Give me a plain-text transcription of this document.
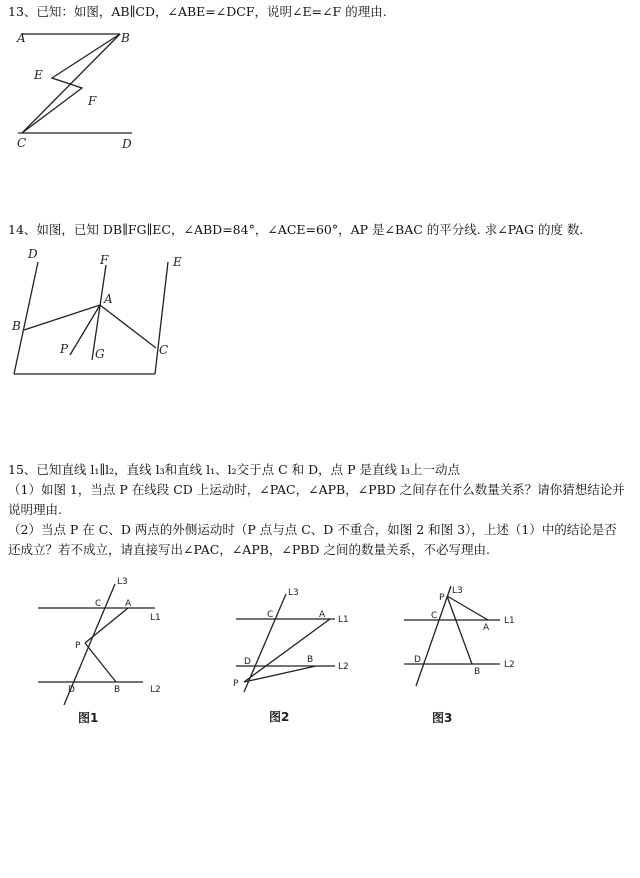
13、已知：如图，AB∥CD，∠ABE=∠DCF，说明∠E=∠F 的理由.
A	B
E
F
C	D
14、如图，已知 DB∥FG∥EC，∠ABD=84°，∠ACE=60°，AP 是∠BAC 的平分线. 求∠PAG 的度 数.
D	F	E
A
B
P G	C
15、已知直线 l₁∥l₂，直线 l₃和直线 l₁、l₂交于点 C 和 D，点 P 是直线 l₃上一动点
（1）如图 1，当点 P 在线段 CD 上运动时，∠PAC，∠APB，∠PBD 之间存在什么数量关系？请你猜想结论并
说明理由.
（2）当点 P 在 C、D 两点的外侧运动时（P 点与点 C、D 不重合，如图 2 和图 3），上述（1）中的结论是否
还成立？若不成立，请直接写出∠PAC，∠APB，∠PBD 之间的数量关系，不必写理由.
L3
C	A
L1
P
D	B	L2
图1
L3
C	A L1
D	B
L2
P
图2
L3
P
C
A
L1
D
B
L2
图3
